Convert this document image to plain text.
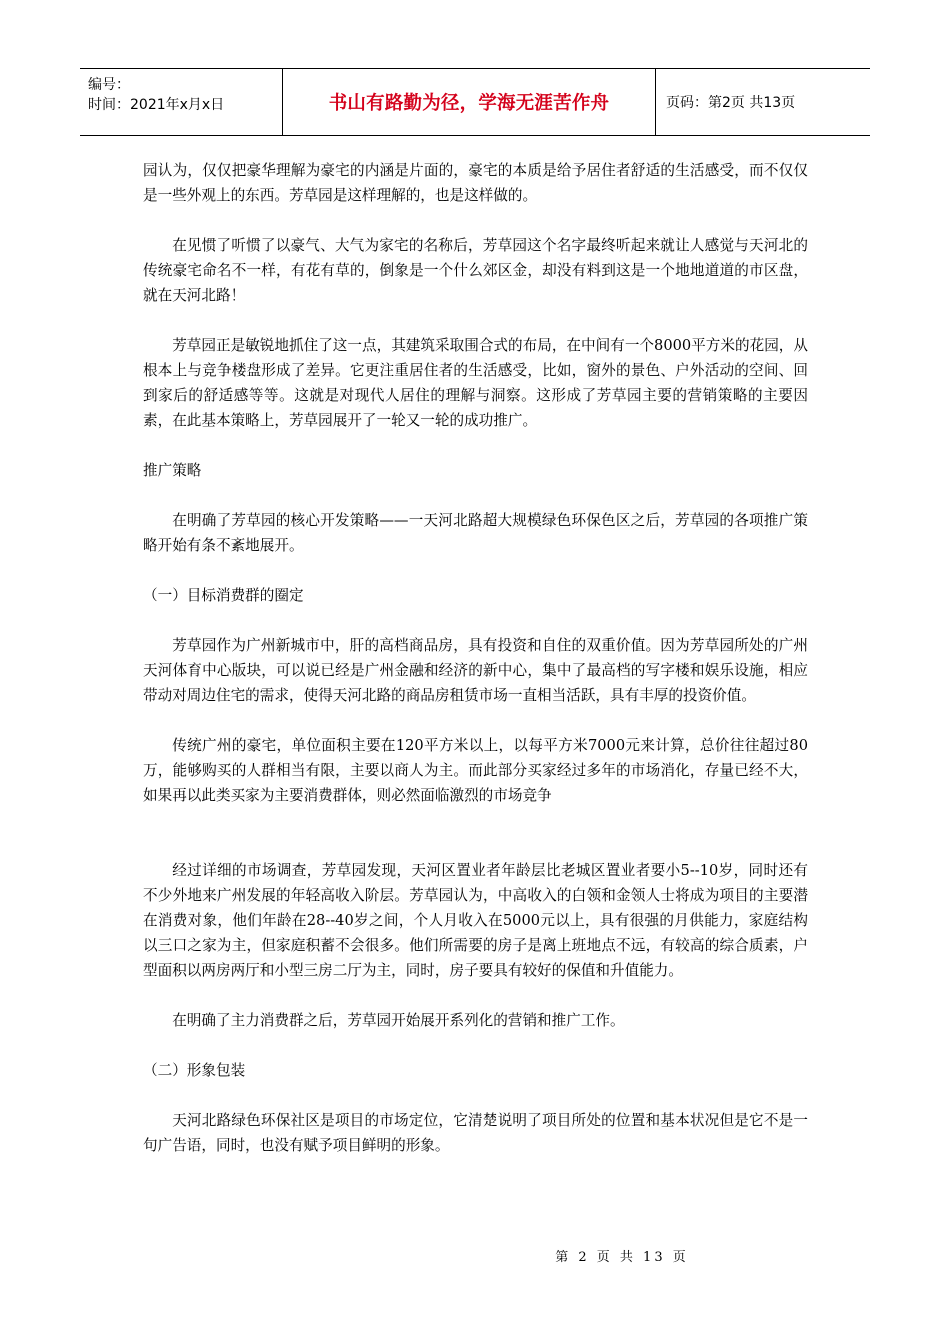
编号：
时间：2021年x月x日	书山有路勤为径，学海无涯苦作舟	页码：第2页 共13页

园认为，仅仅把豪华理解为豪宅的内涵是片面的，豪宅的本质是给予居住者舒适的生活感受，而不仅仅是一些外观上的东西。芳草园是这样理解的，也是这样做的。

在见惯了听惯了以豪气、大气为家宅的名称后，芳草园这个名字最终听起来就让人感觉与天河北的传统豪宅命名不一样，有花有草的，倒象是一个什么郊区金，却没有料到这是一个地地道道的市区盘，就在天河北路！

芳草园正是敏锐地抓住了这一点，其建筑采取围合式的布局，在中间有一个8000平方米的花园，从根本上与竞争楼盘形成了差异。它更注重居住者的生活感受，比如，窗外的景色、户外活动的空间、回到家后的舒适感等等。这就是对现代人居住的理解与洞察。这形成了芳草园主要的营销策略的主要因素，在此基本策略上，芳草园展开了一轮又一轮的成功推广。

推广策略

在明确了芳草园的核心开发策略——一天河北路超大规模绿色环保色区之后，芳草园的各项推广策略开始有条不紊地展开。

（一）目标消费群的圈定

芳草园作为广州新城市中，肝的高档商品房，具有投资和自住的双重价值。因为芳草园所处的广州天河体育中心版块，可以说已经是广州金融和经济的新中心，集中了最高档的写字楼和娱乐设施，相应带动对周边住宅的需求，使得天河北路的商品房租赁市场一直相当活跃，具有丰厚的投资价值。

传统广州的豪宅，单位面积主要在120平方米以上，以每平方米7000元来计算，总价往往超过80万，能够购买的人群相当有限，主要以商人为主。而此部分买家经过多年的市场消化，存量已经不大，如果再以此类买家为主要消费群体，则必然面临激烈的市场竞争

经过详细的市场调查，芳草园发现，天河区置业者年龄层比老城区置业者要小5--10岁，同时还有不少外地来广州发展的年轻高收入阶层。芳草园认为，中高收入的白领和金领人士将成为项目的主要潜在消费对象，他们年龄在28--40岁之间，个人月收入在5000元以上，具有很强的月供能力，家庭结构以三口之家为主，但家庭积蓄不会很多。他们所需要的房子是离上班地点不远，有较高的综合质素，户型面积以两房两厅和小型三房二厅为主，同时，房子要具有较好的保值和升值能力。

在明确了主力消费群之后，芳草园开始展开系列化的营销和推广工作。

（二）形象包装

天河北路绿色环保社区是项目的市场定位，它清楚说明了项目所处的位置和基本状况但是它不是一句广告语，同时，也没有赋予项目鲜明的形象。

第 2 页 共 13 页
